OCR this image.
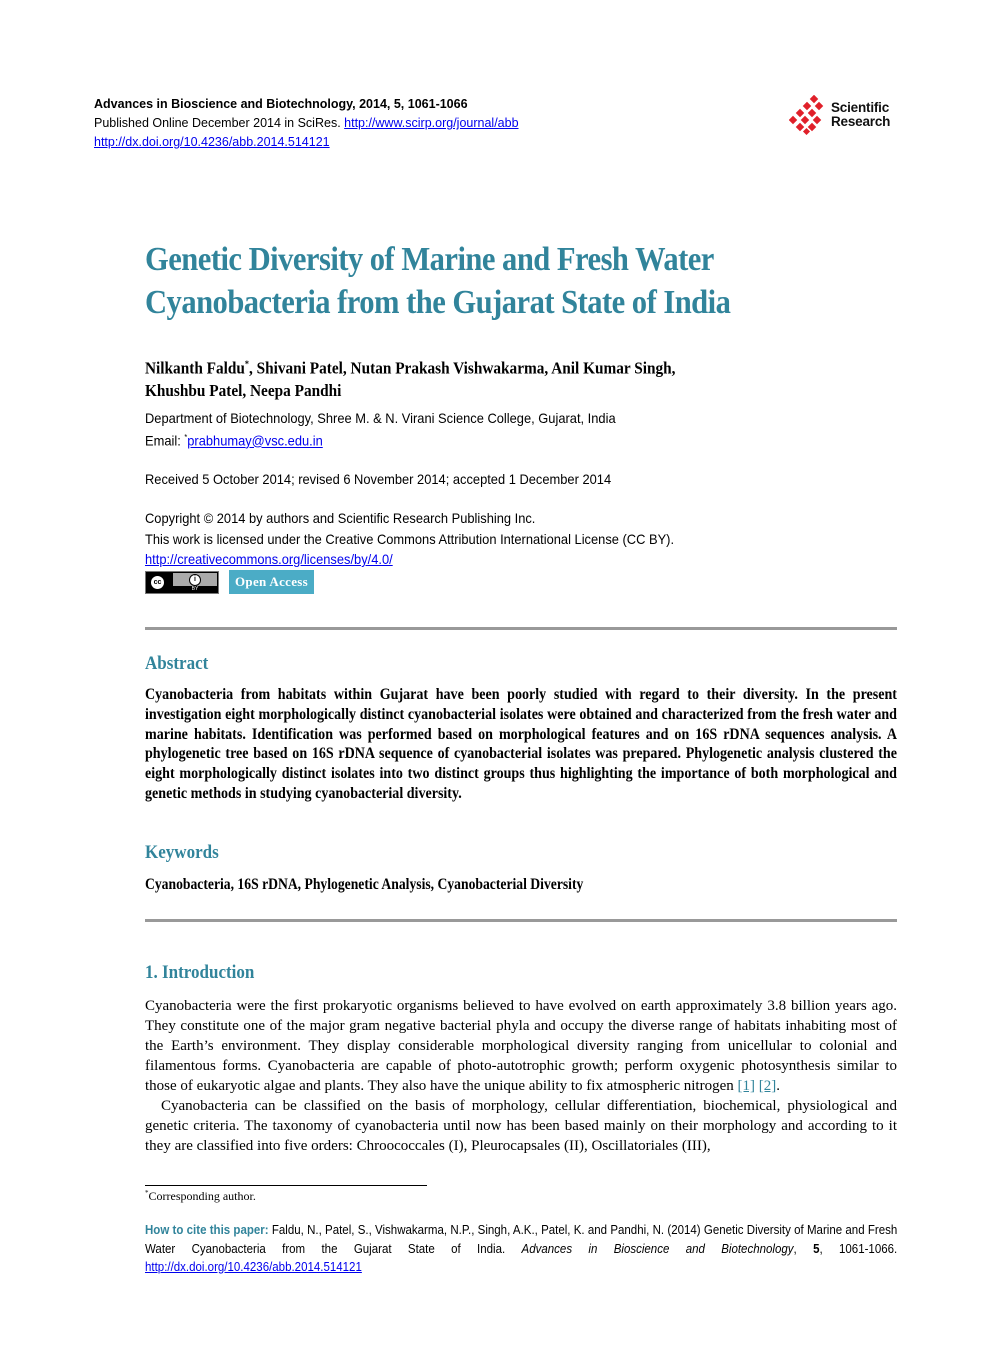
Advances in Bioscience and Biotechnology, 2014, 5, 1061-1066
Published Online December 2014 in SciRes. http://www.scirp.org/journal/abb
http://dx.doi.org/10.4236/abb.2014.514121
Scientific
Research
Genetic Diversity of Marine and Fresh Water
Cyanobacteria from the Gujarat State of India
Nilkanth Faldu*, Shivani Patel, Nutan Prakash Vishwakarma, Anil Kumar Singh,
Khushbu Patel, Neepa Pandhi
Department of Biotechnology, Shree M. & N. Virani Science College, Gujarat, India
Email: *prabhumay@vsc.edu.in
Received 5 October 2014; revised 6 November 2014; accepted 1 December 2014
Copyright © 2014 by authors and Scientific Research Publishing Inc.
This work is licensed under the Creative Commons Attribution International License (CC BY).
http://creativecommons.org/licenses/by/4.0/
cc	i
BY	Open Access
Abstract

Cyanobacteria from habitats within Gujarat have been poorly studied with regard to their diversity. In the present investigation eight morphologically distinct cyanobacterial isolates were obtained and characterized from the fresh water and marine habitats. Identification was performed based on morphological features and on 16S rDNA sequences analysis. A phylogenetic tree based on 16S rDNA sequence of cyanobacterial isolates was prepared. Phylogenetic analysis clustered the eight morphologically distinct isolates into two distinct groups thus highlighting the importance of both morphological and genetic methods in studying cyanobacterial diversity.

Keywords
Cyanobacteria, 16S rDNA, Phylogenetic Analysis, Cyanobacterial Diversity
1. Introduction

Cyanobacteria were the first prokaryotic organisms believed to have evolved on earth approximately 3.8 billion years ago. They constitute one of the major gram negative bacterial phyla and occupy the diverse range of habitats inhabiting most of the Earth’s environment. They display considerable morphological diversity ranging from unicellular to colonial and filamentous forms. Cyanobacteria are capable of photo-autotrophic growth; perform oxygenic photosynthesis similar to those of eukaryotic algae and plants. They also have the unique ability to fix atmospheric nitrogen [1] [2].

Cyanobacteria can be classified on the basis of morphology, cellular differentiation, biochemical, physiological and genetic criteria. The taxonomy of cyanobacteria until now has been based mainly on their morphology and according to it they are classified into five orders: Chroococcales (I), Pleurocapsales (II), Oscillatoriales (III),

*Corresponding author.

How to cite this paper: Faldu, N., Patel, S., Vishwakarma, N.P., Singh, A.K., Patel, K. and Pandhi, N. (2014) Genetic Diversity of Marine and Fresh Water Cyanobacteria from the Gujarat State of India. Advances in Bioscience and Biotechnology, 5, 1061-1066. http://dx.doi.org/10.4236/abb.2014.514121
